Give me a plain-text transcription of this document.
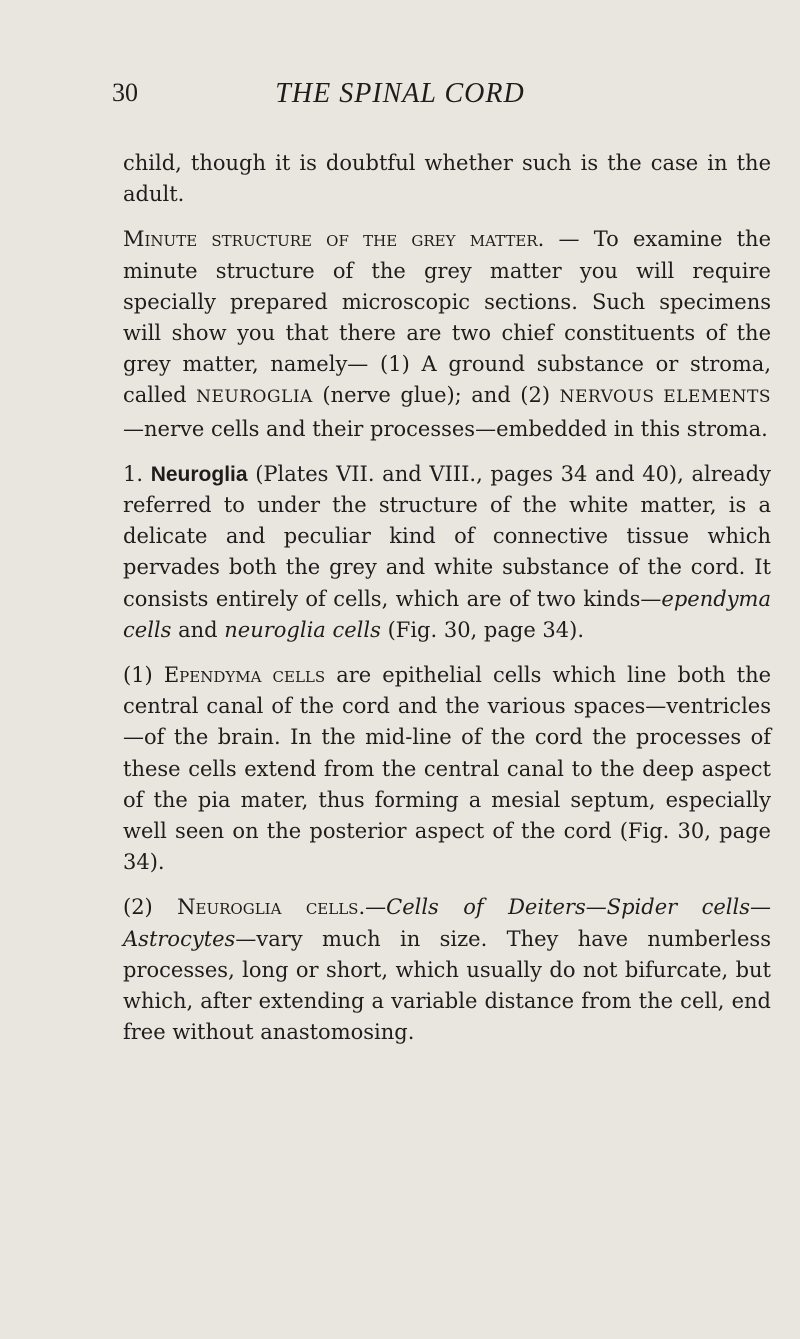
30	THE SPINAL CORD

child, though it is doubtful whether such is the case in the adult.

Minute structure of the grey matter. — To examine the minute structure of the grey matter you will require specially prepared microscopic sections. Such specimens will show you that there are two chief constituents of the grey matter, namely— (1) A ground substance or stroma, called NEUROGLIA (nerve glue); and (2) NERVOUS ELEMENTS—nerve cells and their processes—embedded in this stroma.

1. Neuroglia (Plates VII. and VIII., pages 34 and 40), already referred to under the structure of the white matter, is a delicate and peculiar kind of connective tissue which pervades both the grey and white substance of the cord. It consists entirely of cells, which are of two kinds—ependyma cells and neuroglia cells (Fig. 30, page 34).

(1) Ependyma cells are epithelial cells which line both the central canal of the cord and the various spaces—ventricles—of the brain. In the mid-line of the cord the processes of these cells extend from the central canal to the deep aspect of the pia mater, thus forming a mesial septum, especially well seen on the posterior aspect of the cord (Fig. 30, page 34).

(2) Neuroglia cells.—Cells of Deiters—Spider cells—Astrocytes—vary much in size. They have numberless processes, long or short, which usually do not bifurcate, but which, after extending a variable distance from the cell, end free without anastomosing.
